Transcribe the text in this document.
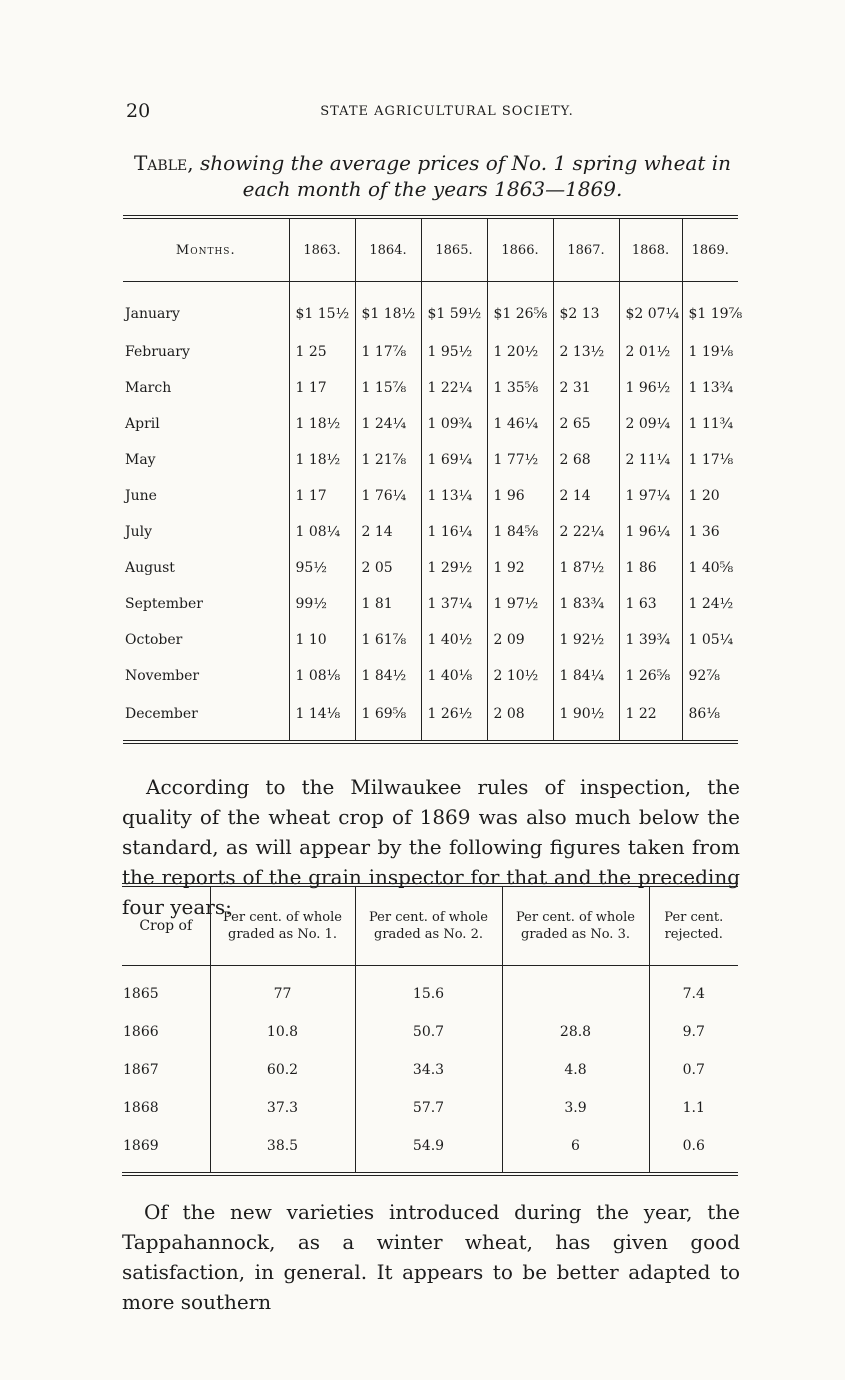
20	STATE AGRICULTURAL SOCIETY.
Table, showing the average prices of No. 1 spring wheat in each month of the years 1863—1869.
Months.	1863.	1864.	1865.	1866.	1867.	1868.	1869.
January	$1 15½	$1 18½	$1 59½	$1 26⅝	$2 13	$2 07¼	$1 19⅞
February	1 25	1 17⅞	1 95½	1 20½	2 13½	2 01½	1 19⅛
March	1 17	1 15⅞	1 22¼	1 35⅝	2 31	1 96½	1 13¾
April	1 18½	1 24¼	1 09¾	1 46¼	2 65	2 09¼	1 11¾
May	1 18½	1 21⅞	1 69¼	1 77½	2 68	2 11¼	1 17⅛
June	1 17	1 76¼	1 13¼	1 96	2 14	1 97¼	1 20
July	1 08¼	2 14	1 16¼	1 84⅝	2 22¼	1 96¼	1 36
August	95½	2 05	1 29½	1 92	1 87½	1 86	1 40⅝
September	99½	1 81	1 37¼	1 97½	1 83¾	1 63	1 24½
October	1 10	1 61⅞	1 40½	2 09	1 92½	1 39¾	1 05¼
November	1 08⅛	1 84½	1 40⅛	2 10½	1 84¼	1 26⅝	92⅞
December	1 14⅛	1 69⅝	1 26½	2 08	1 90½	1 22	86⅛

According to the Milwaukee rules of inspection, the quality of the wheat crop of 1869 was also much below the standard, as will appear by the following figures taken from the reports of the grain inspector for that and the preceding four years:

Crop of	Per cent. of whole graded as No. 1.	Per cent. of whole graded as No. 2.	Per cent. of whole graded as No. 3.	Per cent. rejected.
1865	77	15.6		7.4
1866	10.8	50.7	28.8	9.7
1867	60.2	34.3	4.8	0.7
1868	37.3	57.7	3.9	1.1
1869	38.5	54.9	6	0.6

Of the new varieties introduced during the year, the Tappahannock, as a winter wheat, has given good satisfaction, in general. It appears to be better adapted to more southern
